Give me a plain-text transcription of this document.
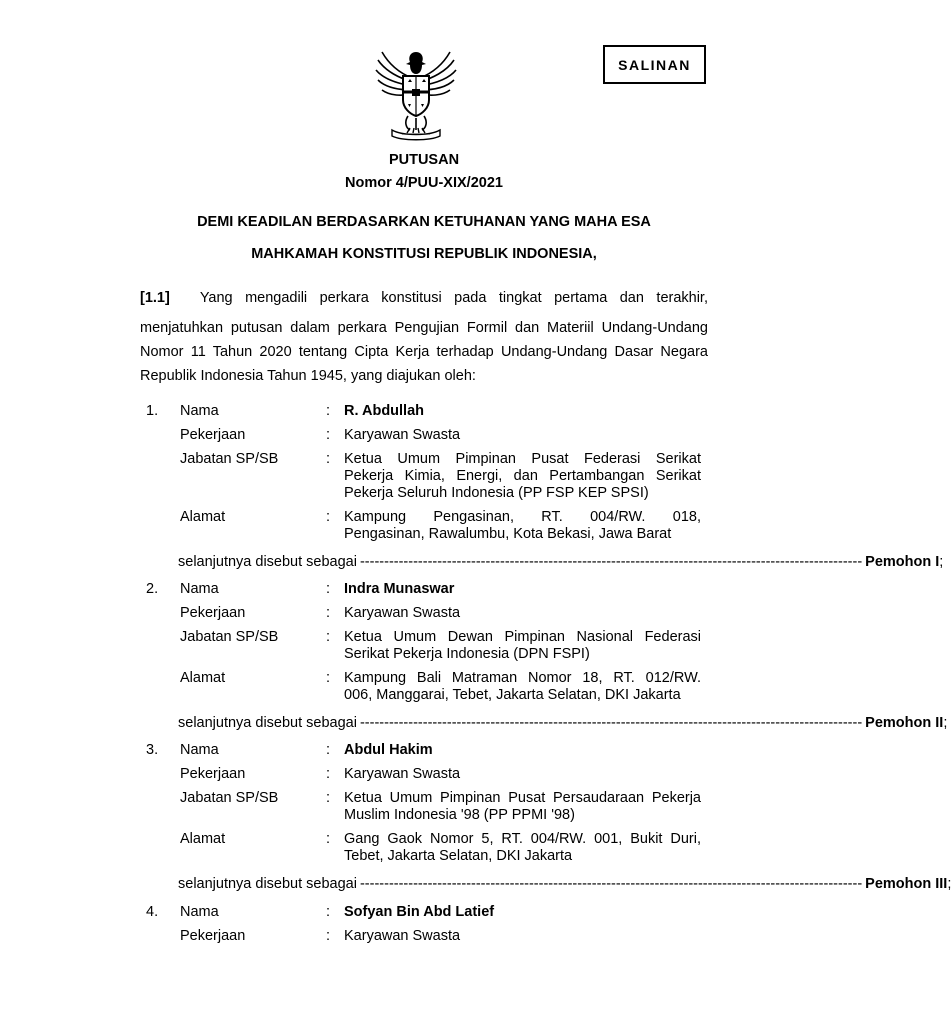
SALINAN
PUTUSAN
Nomor 4/PUU-XIX/2021
DEMI KEADILAN BERDASARKAN KETUHANAN YANG MAHA ESA
MAHKAMAH KONSTITUSI REPUBLIK INDONESIA,
[1.1] Yang mengadili perkara konstitusi pada tingkat pertama dan terakhir,
menjatuhkan putusan dalam perkara Pengujian Formil dan Materiil Undang-Undang
Nomor 11 Tahun 2020 tentang Cipta Kerja terhadap Undang-Undang Dasar Negara
Republik Indonesia Tahun 1945, yang diajukan oleh:
1. Nama	: R. Abdullah
Pekerjaan	: Karyawan Swasta
Jabatan SP/SB	: Ketua Umum Pimpinan Pusat Federasi Serikat
Pekerja Kimia, Energi, dan Pertambangan Serikat
Pekerja Seluruh Indonesia (PP FSP KEP SPSI)
Alamat	: Kampung Pengasinan, RT. 004/RW. 018,
Pengasinan, Rawalumbu, Kota Bekasi, Jawa Barat
selanjutnya disebut sebagai -------------------------------------------------------------------------------------------------------- Pemohon I ;
2. Nama	: Indra Munaswar
Pekerjaan	: Karyawan Swasta
Jabatan SP/SB	: Ketua Umum Dewan Pimpinan Nasional Federasi
Serikat Pekerja Indonesia (DPN FSPI)
Alamat	: Kampung Bali Matraman Nomor 18, RT. 012/RW.
006, Manggarai, Tebet, Jakarta Selatan, DKI Jakarta
selanjutnya disebut sebagai -------------------------------------------------------------------------------------------------------- Pemohon II ;
3. Nama	: Abdul Hakim
Pekerjaan	: Karyawan Swasta
Jabatan SP/SB	: Ketua Umum Pimpinan Pusat Persaudaraan Pekerja
Muslim Indonesia '98 (PP PPMI '98)
Alamat	: Gang Gaok Nomor 5, RT. 004/RW. 001, Bukit Duri,
Tebet, Jakarta Selatan, DKI Jakarta
selanjutnya disebut sebagai -------------------------------------------------------------------------------------------------------- Pemohon III ;
4. Nama	: Sofyan Bin Abd Latief
Pekerjaan	: Karyawan Swasta
